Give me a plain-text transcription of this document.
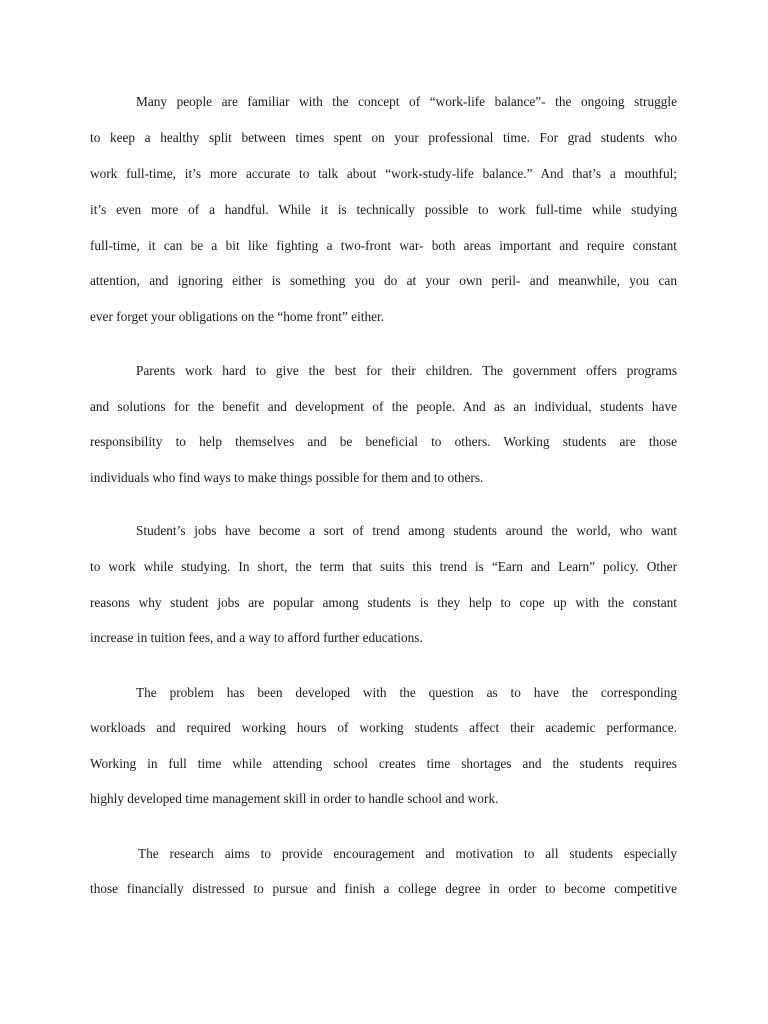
Many people are familiar with the concept of “work-life balance”- the ongoing struggle
to keep a healthy split between times spent on your professional time. For grad students who
work full-time, it’s more accurate to talk about “work-study-life balance.” And that’s a mouthful;
it’s even more of a handful. While it is technically possible to work full-time while studying
full-time, it can be a bit like fighting a two-front war- both areas important and require constant
attention, and ignoring either is something you do at your own peril- and meanwhile, you can
ever forget your obligations on the “home front” either.
Parents work hard to give the best for their children. The government offers programs
and solutions for the benefit and development of the people. And as an individual, students have
responsibility to help themselves and be beneficial to others. Working students are those
individuals who find ways to make things possible for them and to others.
Student’s jobs have become a sort of trend among students around the world, who want
to work while studying. In short, the term that suits this trend is “Earn and Learn” policy. Other
reasons why student jobs are popular among students is they help to cope up with the constant
increase in tuition fees, and a way to afford further educations.
The problem has been developed with the question as to have the corresponding
workloads and required working hours of working students affect their academic performance.
Working in full time while attending school creates time shortages and the students requires
highly developed time management skill in order to handle school and work.
The research aims to provide encouragement and motivation to all students especially
those financially distressed to pursue and finish a college degree in order to become competitive
